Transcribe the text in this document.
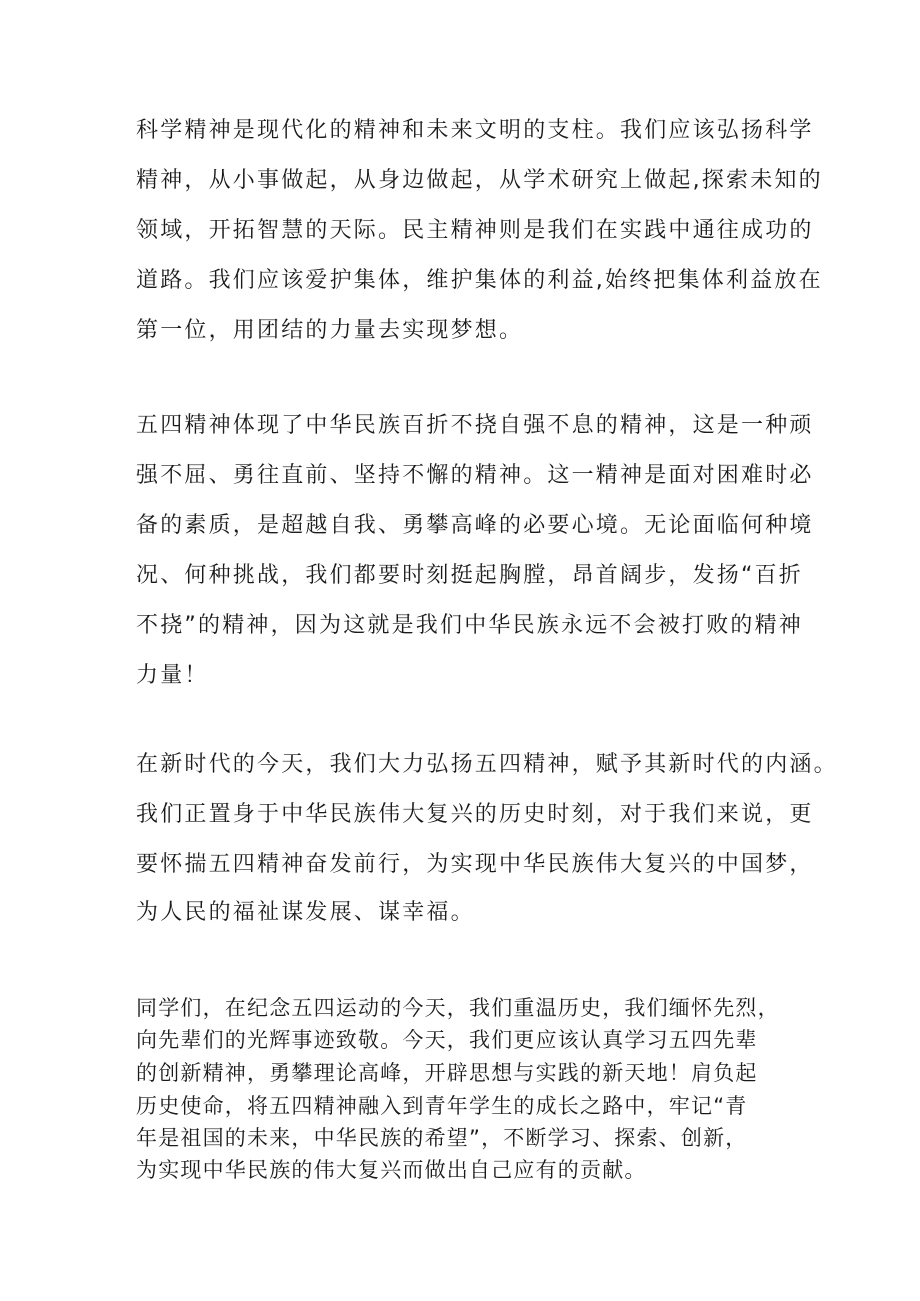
科学精神是现代化的精神和未来文明的支柱。我们应该弘扬科学
精神，从小事做起，从身边做起，从学术研究上做起,探索未知的
领域，开拓智慧的天际。民主精神则是我们在实践中通往成功的
道路。我们应该爱护集体，维护集体的利益,始终把集体利益放在
第一位，用团结的力量去实现梦想。
五四精神体现了中华民族百折不挠自强不息的精神，这是一种顽
强不屈、勇往直前、坚持不懈的精神。这一精神是面对困难时必
备的素质，是超越自我、勇攀高峰的必要心境。无论面临何种境
况、何种挑战，我们都要时刻挺起胸膛，昂首阔步，发扬“百折
不挠”的精神，因为这就是我们中华民族永远不会被打败的精神
力量！
在新时代的今天，我们大力弘扬五四精神，赋予其新时代的内涵。
我们正置身于中华民族伟大复兴的历史时刻，对于我们来说，更
要怀揣五四精神奋发前行，为实现中华民族伟大复兴的中国梦，
为人民的福祉谋发展、谋幸福。
同学们，在纪念五四运动的今天，我们重温历史，我们缅怀先烈，
向先辈们的光辉事迹致敬。今天，我们更应该认真学习五四先辈
的创新精神，勇攀理论高峰，开辟思想与实践的新天地！肩负起
历史使命，将五四精神融入到青年学生的成长之路中，牢记“青
年是祖国的未来，中华民族的希望”，不断学习、探索、创新，
为实现中华民族的伟大复兴而做出自己应有的贡献。
